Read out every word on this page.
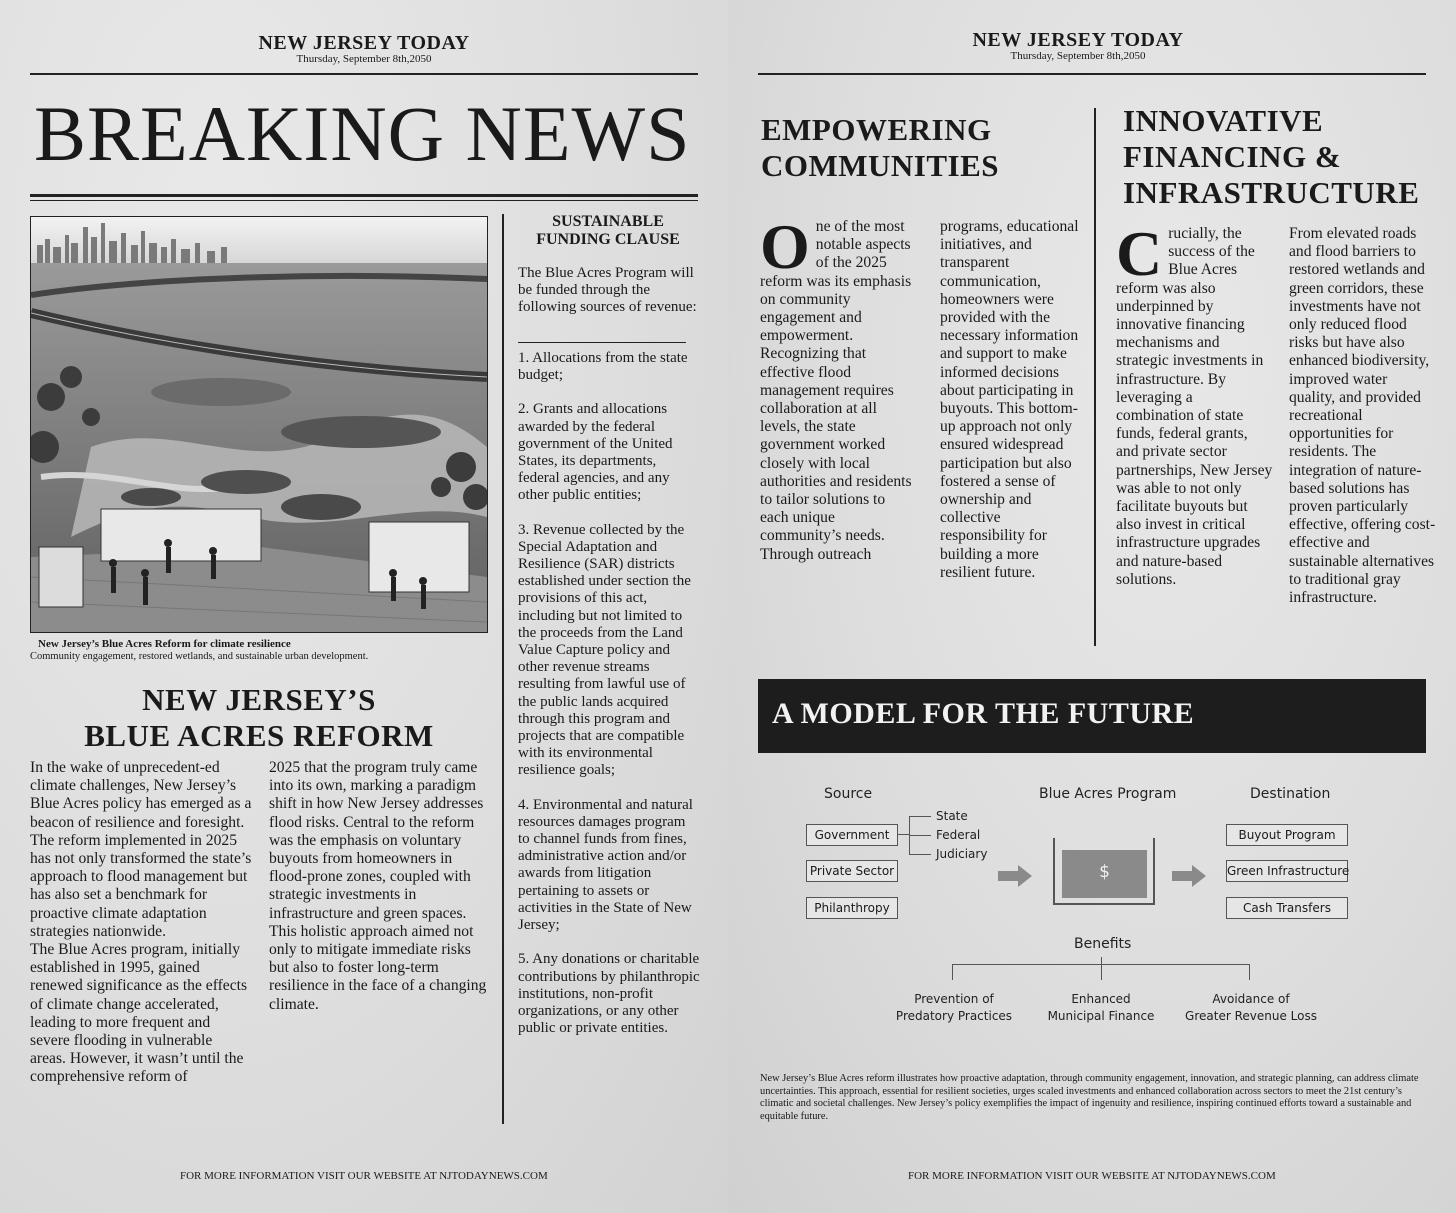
NEW JERSEY TODAY
Thursday, September 8th,2050
BREAKING NEWS
New Jersey’s Blue Acres Reform for climate resilience
Community engagement, restored wetlands, and sustainable urban development.
NEW JERSEY’S
BLUE ACRES REFORM

In the wake of unprecedent-ed climate challenges, New Jersey’s Blue Acres policy has emerged as a beacon of resilience and foresight. The reform implemented in 2025 has not only transformed the state’s approach to flood management but has also set a benchmark for proactive climate adaptation strategies nationwide.

The Blue Acres program, initially established in 1995, gained renewed significance as the effects of climate change accelerated, leading to more frequent and severe flooding in vulnerable areas. However, it wasn’t until the comprehensive reform of

2025 that the program truly came into its own, marking a paradigm shift in how New Jersey addresses flood risks. Central to the reform was the emphasis on voluntary buyouts from homeowners in flood-prone zones, coupled with strategic investments in infrastructure and green spaces. This holistic approach aimed not only to mitigate immediate risks but also to foster long-term resilience in the face of a changing climate.

SUSTAINABLE FUNDING CLAUSE
The Blue Acres Program will be funded through the following sources of revenue:

1. Allocations from the state budget;

2. Grants and allocations awarded by the federal government of the United States, its departments, federal agencies, and any other public entities;

3. Revenue collected by the Special Adaptation and Resilience (SAR) districts established under section the provisions of this act, including but not limited to the proceeds from the Land Value Capture policy and other revenue streams resulting from lawful use of the public lands acquired through this program and projects that are compatible with its environmental resilience goals;

4. Environmental and natural resources damages program to channel funds from fines, administrative action and/or awards from litigation pertaining to assets or activities in the State of New Jersey;

5. Any donations or charitable contributions by philanthropic institutions, non-profit organizations, or any other public or private entities.

FOR MORE INFORMATION VISIT OUR WEBSITE AT NJTODAYNEWS.COM
NEW JERSEY TODAY
Thursday, September 8th,2050
EMPOWERING
COMMUNITIES
O ne of the most notable aspects of the 2025 reform was its emphasis on community engagement and empowerment. Recognizing that effective flood management requires collaboration at all levels, the state government worked closely with local authorities and residents to tailor solutions to each unique community’s needs. Through outreach

programs, educational initiatives, and transparent communication, homeowners were provided with the necessary information and support to make informed decisions about participating in buyouts. This bottom-up approach not only ensured widespread participation but also fostered a sense of ownership and collective responsibility for building a more resilient future.

INNOVATIVE
FINANCING &
INFRASTRUCTURE
C rucially, the success of the Blue Acres reform was also underpinned by innovative financing mechanisms and strategic investments in infrastructure. By leveraging a combination of state funds, federal grants, and private sector partnerships, New Jersey was able to not only facilitate buyouts but also invest in critical infrastructure upgrades and nature-based solutions.

From elevated roads and flood barriers to restored wetlands and green corridors, these investments have not only reduced flood risks but have also enhanced biodiversity, improved water quality, and provided recreational opportunities for residents. The integration of nature-based solutions has proven particularly effective, offering cost-effective and sustainable alternatives to traditional gray infrastructure.

A MODEL FOR THE FUTURE
Source	Blue Acres Program	Destination
Government
Private Sector
Philanthropy
State
Federal
Judiciary
$
Buyout Program
Green Infrastructure
Cash Transfers
Benefits
Prevention of
Predatory Practices
Enhanced
Municipal Finance
Avoidance of
Greater Revenue Loss
New Jersey’s Blue Acres reform illustrates how proactive adaptation, through community engagement, innovation, and strategic planning, can address climate uncertainties. This approach, essential for resilient societies, urges scaled investments and enhanced collaboration across sectors to meet the 21st century’s climatic and societal challenges. New Jersey’s policy exemplifies the impact of ingenuity and resilience, inspiring continued efforts toward a sustainable and equitable future.
FOR MORE INFORMATION VISIT OUR WEBSITE AT NJTODAYNEWS.COM
